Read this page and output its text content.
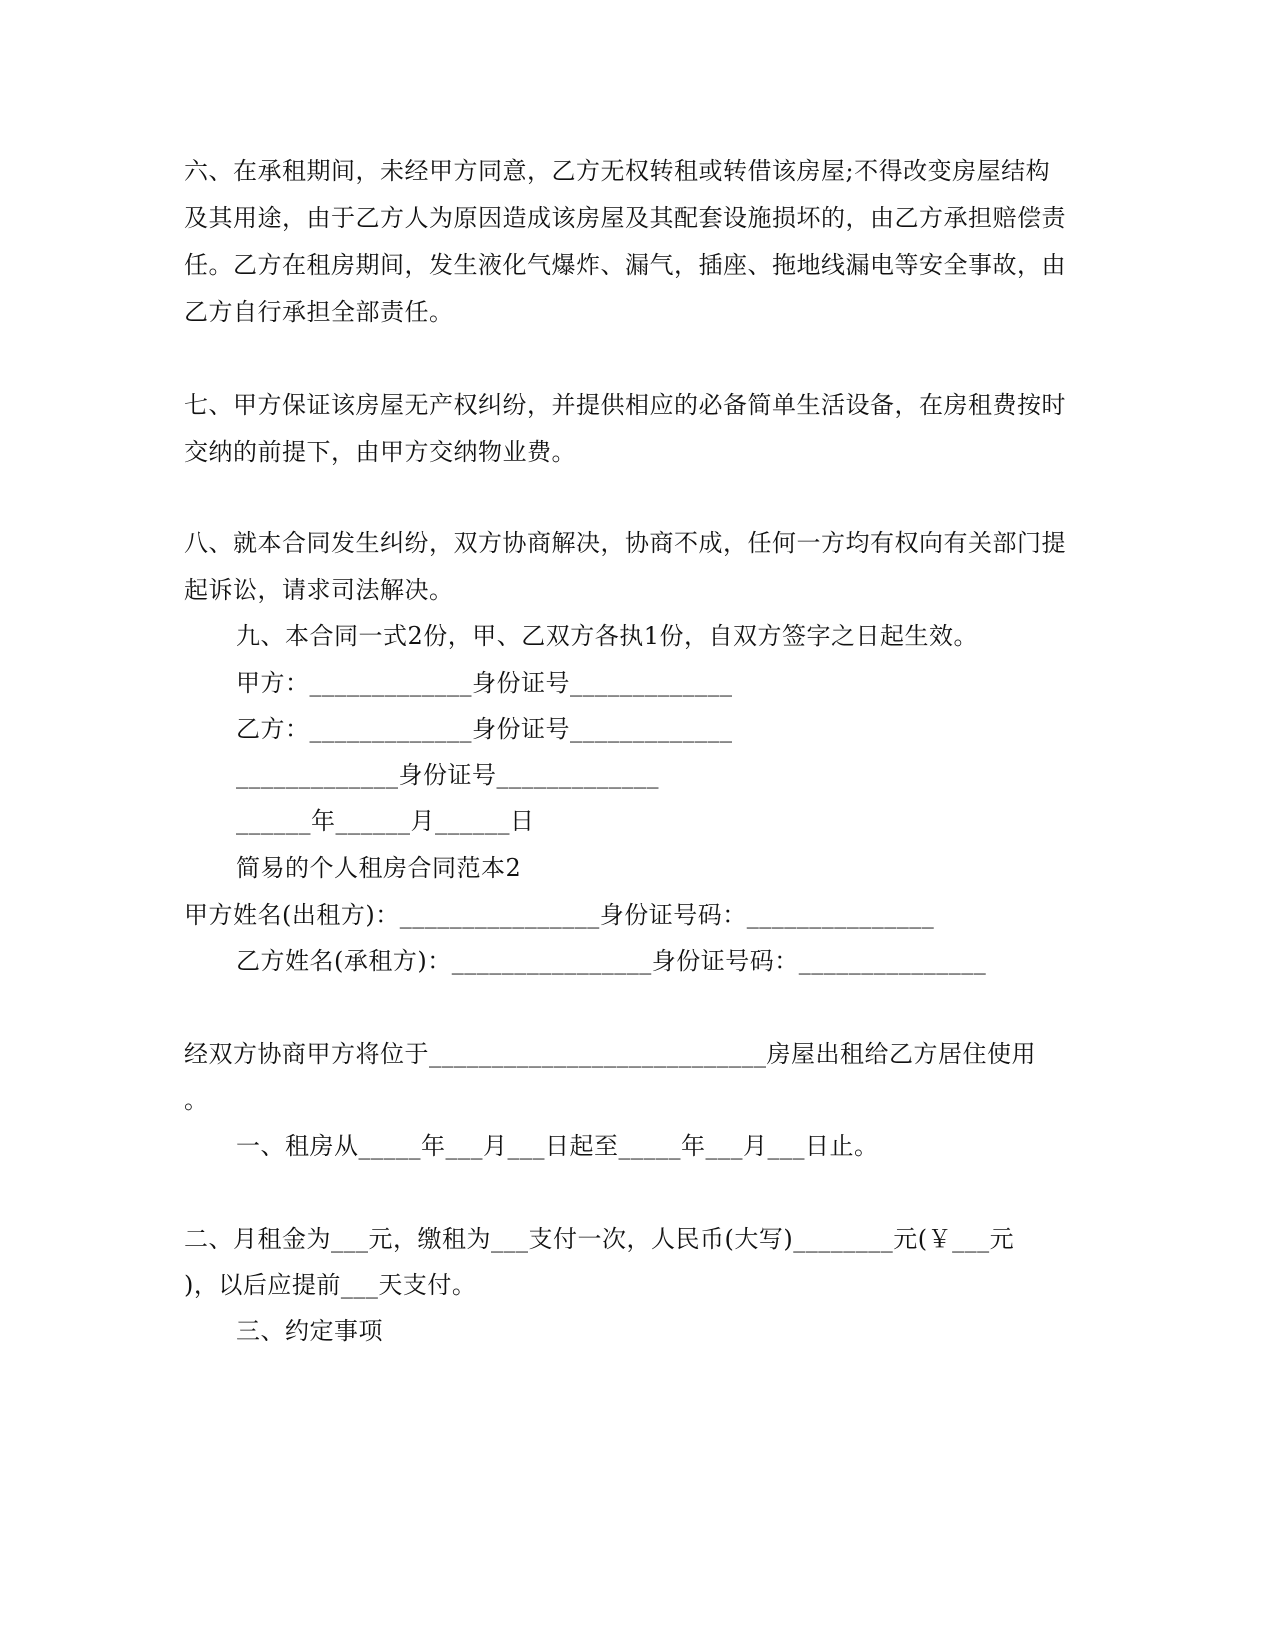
六、在承租期间，未经甲方同意，乙方无权转租或转借该房屋;不得改变房屋结构
及其用途，由于乙方人为原因造成该房屋及其配套设施损坏的，由乙方承担赔偿责
任。乙方在租房期间，发生液化气爆炸、漏气，插座、拖地线漏电等安全事故，由
乙方自行承担全部责任。
七、甲方保证该房屋无产权纠纷，并提供相应的必备简单生活设备，在房租费按时
交纳的前提下，由甲方交纳物业费。
八、就本合同发生纠纷，双方协商解决，协商不成，任何一方均有权向有关部门提
起诉讼，请求司法解决。
九、本合同一式2份，甲、乙双方各执1份，自双方签字之日起生效。
甲方：_____________身份证号_____________
乙方：_____________身份证号_____________
_____________身份证号_____________
______年______月______日
简易的个人租房合同范本2
甲方姓名(出租方)：________________身份证号码：_______________
乙方姓名(承租方)：________________身份证号码：_______________
经双方协商甲方将位于___________________________房屋出租给乙方居住使用
。
一、租房从_____年___月___日起至_____年___月___日止。
二、月租金为___元，缴租为___支付一次，人民币(大写)________元(￥___元
)，以后应提前___天支付。
三、约定事项
